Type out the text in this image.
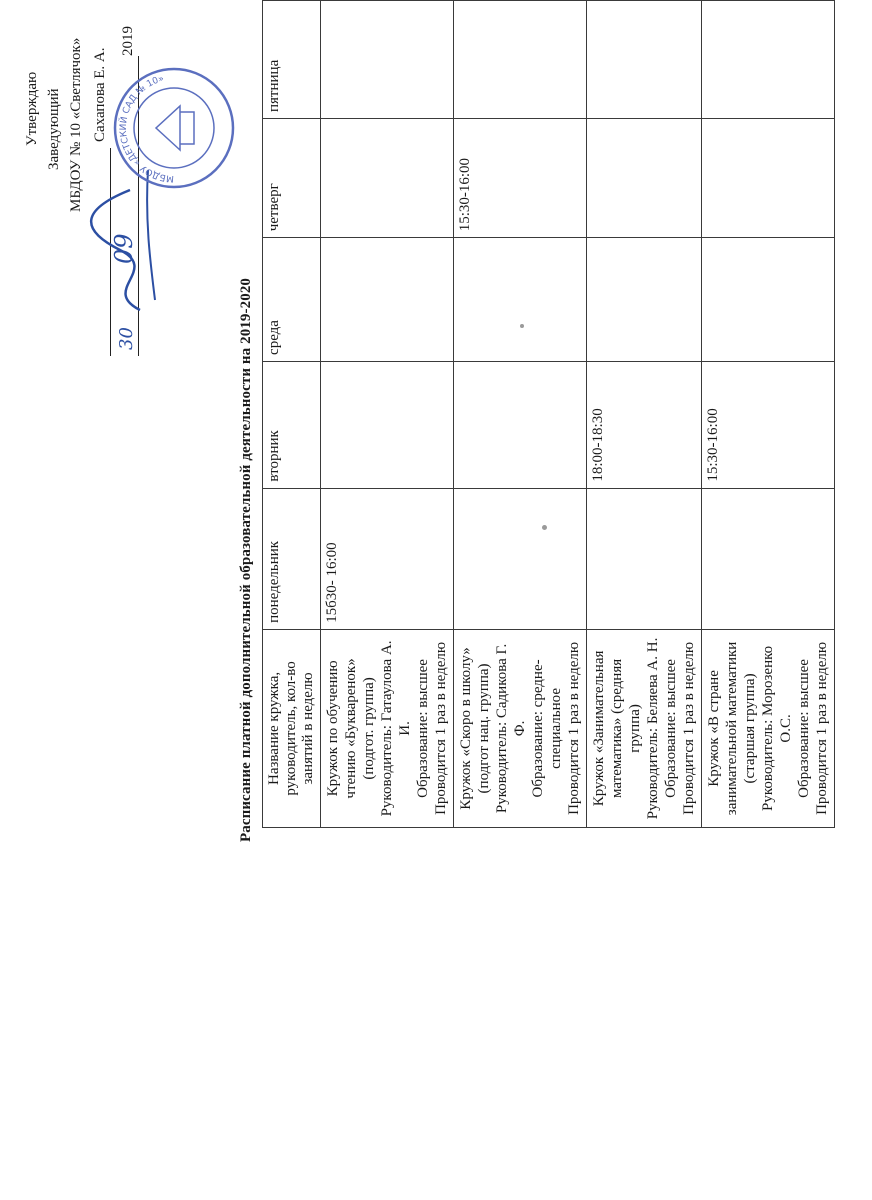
Утверждаю Заведующий МБДОУ № 10 «Светлячок» Сахапова Е. А.
2019
30
09
МБДОУ «ДЕТСКИЙ САД № 10»
Расписание платной дополнительной образовательной деятельности на 2019-2020 Название кружка, руководитель, кол-во занятий в неделю	понедельник	вторник	среда	четверг	пятница

Кружок по обучению чтению «Букваренок» (подгот. группа) Руководитель: Гатаулова А. И. Образование: высшее Проводится 1 раз в неделю	15б30- 16:00				

Кружок «Скоро в школу» (подгот нац. группа) Руководитель: Садикова Г. Ф. Образование: средне- специальное Проводится 1 раз в неделю				15:30-16:00	

Кружок «Занимательная математика» (средняя группа) Руководитель: Беляева А. Н. Образование: высшее Проводится 1 раз в неделю		18:00-18:30			

Кружок «В стране занимательной математики (старшая группа) Руководитель: Морозенко О.С. Образование: высшее Проводится 1 раз в неделю		15:30-16:00			
